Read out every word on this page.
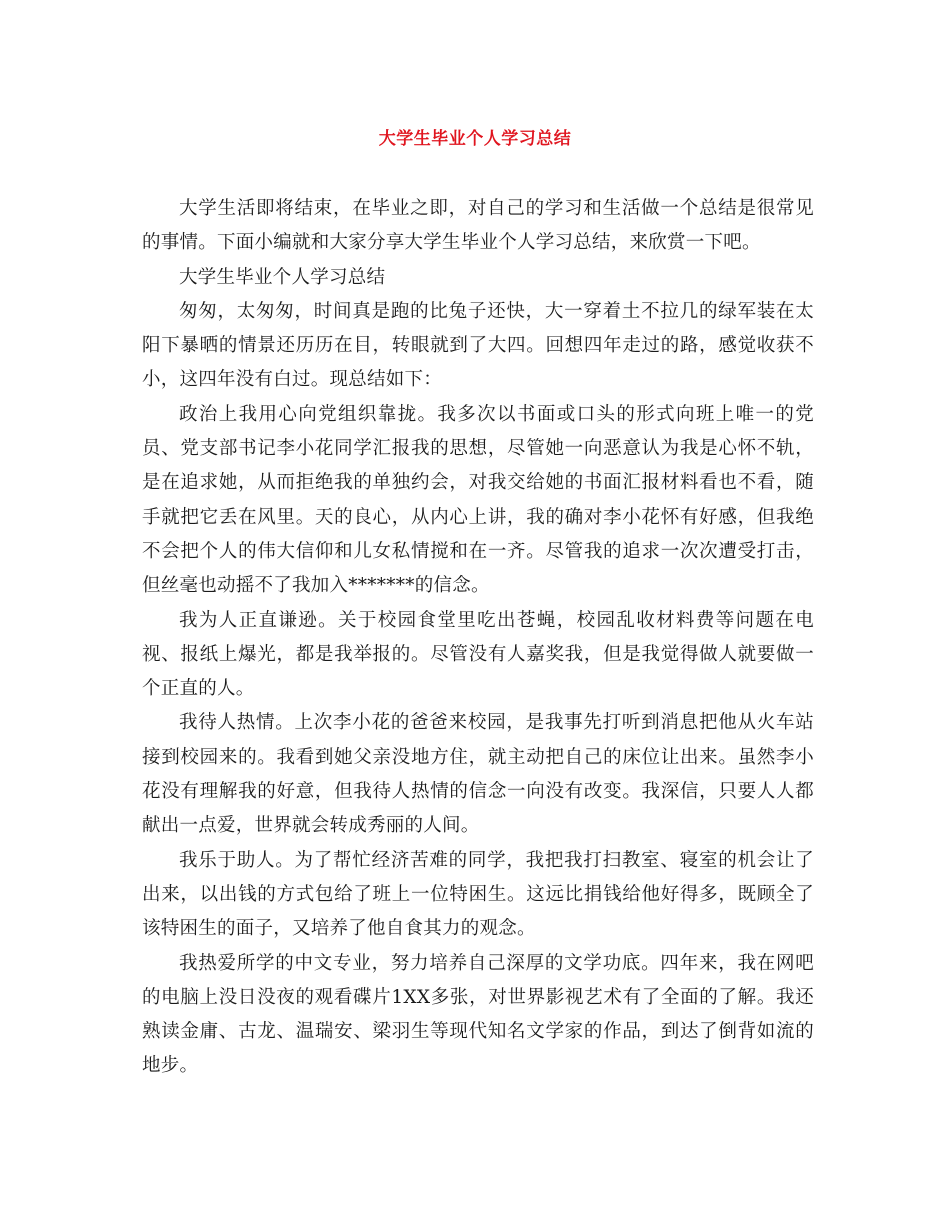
大学生毕业个人学习总结

大学生活即将结束，在毕业之即，对自己的学习和生活做一个总结是很常见的事情。下面小编就和大家分享大学生毕业个人学习总结，来欣赏一下吧。

大学生毕业个人学习总结

匆匆，太匆匆，时间真是跑的比兔子还快，大一穿着土不拉几的绿军装在太阳下暴晒的情景还历历在目，转眼就到了大四。回想四年走过的路，感觉收获不小，这四年没有白过。现总结如下：

政治上我用心向党组织靠拢。我多次以书面或口头的形式向班上唯一的党员、党支部书记李小花同学汇报我的思想，尽管她一向恶意认为我是心怀不轨，是在追求她，从而拒绝我的单独约会，对我交给她的书面汇报材料看也不看，随手就把它丢在风里。天的良心，从内心上讲，我的确对李小花怀有好感，但我绝不会把个人的伟大信仰和儿女私情搅和在一齐。尽管我的追求一次次遭受打击，但丝毫也动摇不了我加入*******的信念。

我为人正直谦逊。关于校园食堂里吃出苍蝇，校园乱收材料费等问题在电视、报纸上爆光，都是我举报的。尽管没有人嘉奖我，但是我觉得做人就要做一个正直的人。

我待人热情。上次李小花的爸爸来校园，是我事先打听到消息把他从火车站接到校园来的。我看到她父亲没地方住，就主动把自己的床位让出来。虽然李小花没有理解我的好意，但我待人热情的信念一向没有改变。我深信，只要人人都献出一点爱，世界就会转成秀丽的人间。

我乐于助人。为了帮忙经济苦难的同学，我把我打扫教室、寝室的机会让了出来，以出钱的方式包给了班上一位特困生。这远比捐钱给他好得多，既顾全了该特困生的面子，又培养了他自食其力的观念。

我热爱所学的中文专业，努力培养自己深厚的文学功底。四年来，我在网吧的电脑上没日没夜的观看碟片1XX多张，对世界影视艺术有了全面的了解。我还熟读金庸、古龙、温瑞安、梁羽生等现代知名文学家的作品，到达了倒背如流的地步。
